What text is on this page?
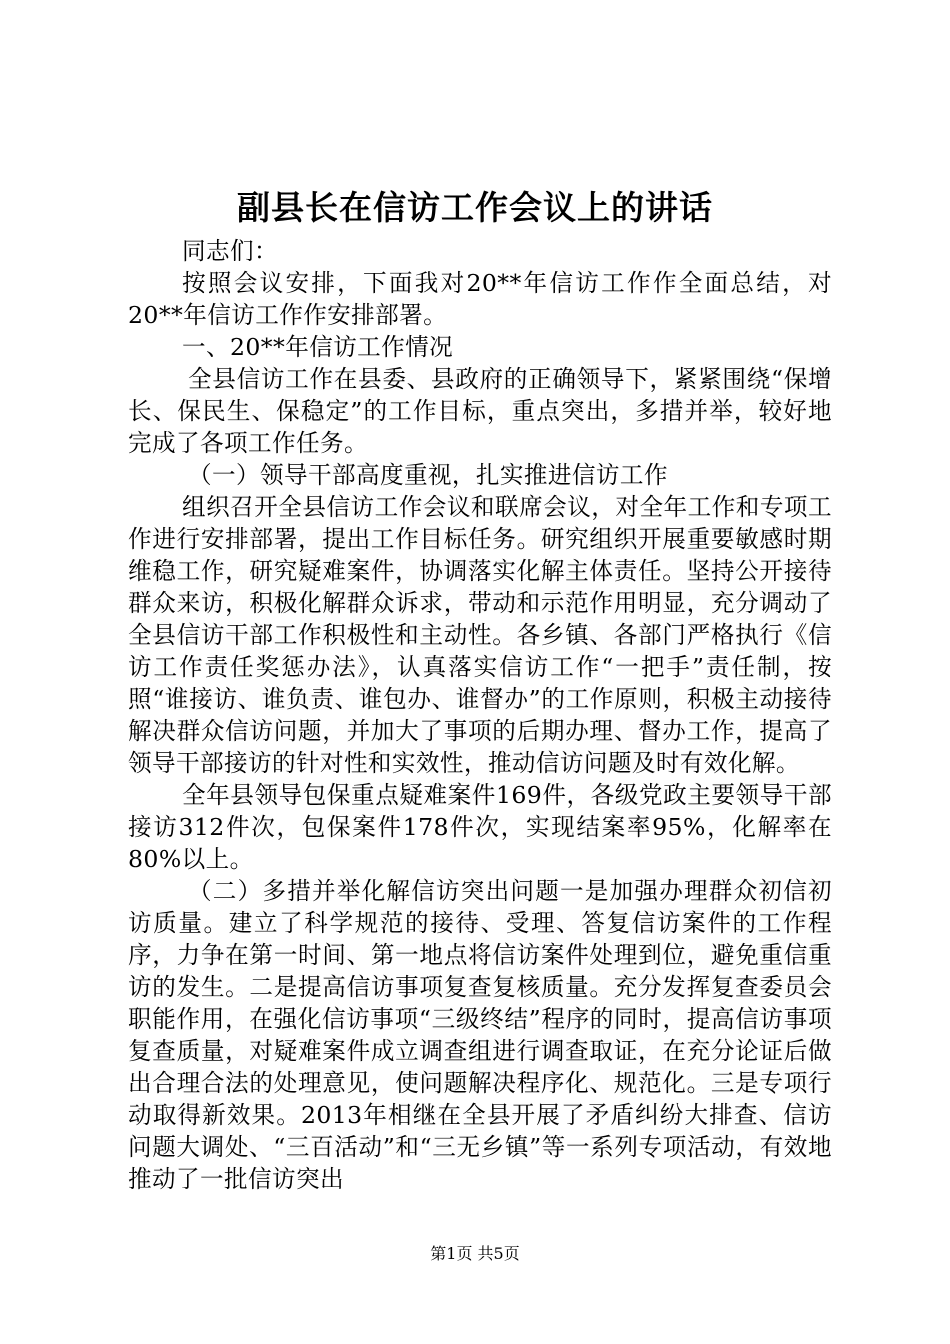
副县长在信访工作会议上的讲话

同志们：

按照会议安排，下面我对20**年信访工作作全面总结，对20**年信访工作作安排部署。

一、20**年信访工作情况

全县信访工作在县委、县政府的正确领导下，紧紧围绕“保增长、保民生、保稳定”的工作目标，重点突出，多措并举，较好地完成了各项工作任务。

（一）领导干部高度重视，扎实推进信访工作

组织召开全县信访工作会议和联席会议，对全年工作和专项工作进行安排部署，提出工作目标任务。研究组织开展重要敏感时期维稳工作，研究疑难案件，协调落实化解主体责任。坚持公开接待群众来访，积极化解群众诉求，带动和示范作用明显，充分调动了全县信访干部工作积极性和主动性。各乡镇、各部门严格执行《信访工作责任奖惩办法》，认真落实信访工作“一把手”责任制，按照“谁接访、谁负责、谁包办、谁督办”的工作原则，积极主动接待解决群众信访问题，并加大了事项的后期办理、督办工作，提高了领导干部接访的针对性和实效性，推动信访问题及时有效化解。

全年县领导包保重点疑难案件169件，各级党政主要领导干部接访312件次，包保案件178件次，实现结案率95%，化解率在80%以上。

（二）多措并举化解信访突出问题一是加强办理群众初信初访质量。建立了科学规范的接待、受理、答复信访案件的工作程序，力争在第一时间、第一地点将信访案件处理到位，避免重信重访的发生。二是提高信访事项复查复核质量。充分发挥复查委员会职能作用，在强化信访事项“三级终结”程序的同时，提高信访事项复查质量，对疑难案件成立调查组进行调查取证，在充分论证后做出合理合法的处理意见，使问题解决程序化、规范化。三是专项行动取得新效果。2013年相继在全县开展了矛盾纠纷大排查、信访问题大调处、“三百活动”和“三无乡镇”等一系列专项活动，有效地推动了一批信访突出

第1页 共5页
